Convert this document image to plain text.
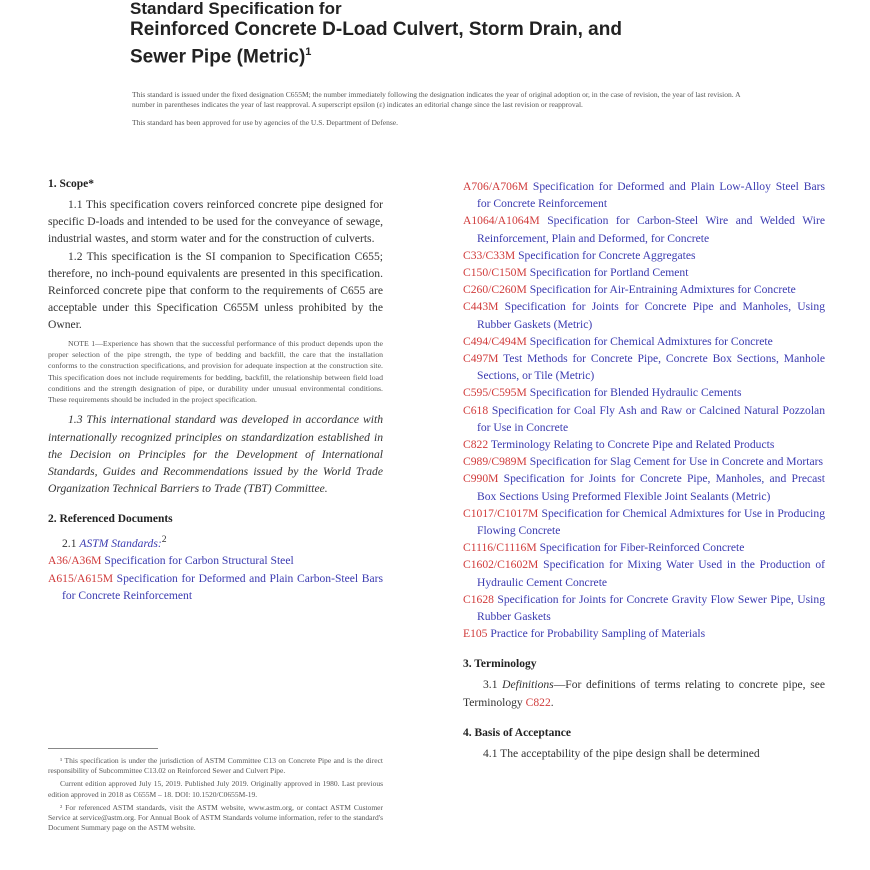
Standard Specification for
Reinforced Concrete D-Load Culvert, Storm Drain, and
Sewer Pipe (Metric)$^1$

This standard is issued under the fixed designation C655M; the number immediately following the designation indicates the year of original adoption or, in the case of revision, the year of last revision. A number in parentheses indicates the year of last reapproval. A superscript epsilon (ε) indicates an editorial change since the last revision or reapproval.

This standard has been approved for use by agencies of the U.S. Department of Defense.

1. Scope*

1.1 This specification covers reinforced concrete pipe designed for specific D-loads and intended to be used for the conveyance of sewage, industrial wastes, and storm water and for the construction of culverts.

1.2 This specification is the SI companion to Specification C655; therefore, no inch-pound equivalents are presented in this specification. Reinforced concrete pipe that conform to the requirements of C655 are acceptable under this Specification C655M unless prohibited by the Owner.

NOTE 1—Experience has shown that the successful performance of this product depends upon the proper selection of the pipe strength, the type of bedding and backfill, the care that the installation conforms to the construction specifications, and provision for adequate inspection at the construction site. This specification does not include requirements for bedding, backfill, the relationship between field load conditions and the strength designation of pipe, or durability under unusual environmental conditions. These requirements should be included in the project specification.

1.3 This international standard was developed in accordance with internationally recognized principles on standardization established in the Decision on Principles for the Development of International Standards, Guides and Recommendations issued by the World Trade Organization Technical Barriers to Trade (TBT) Committee.

2. Referenced Documents
2.1 ASTM Standards:$^2$
A36/A36M Specification for Carbon Structural Steel
A615/A615M Specification for Deformed and Plain Carbon-Steel Bars for Concrete Reinforcement
A706/A706M Specification for Deformed and Plain Low-Alloy Steel Bars for Concrete Reinforcement
A1064/A1064M Specification for Carbon-Steel Wire and Welded Wire Reinforcement, Plain and Deformed, for Concrete
C33/C33M Specification for Concrete Aggregates
C150/C150M Specification for Portland Cement
C260/C260M Specification for Air-Entraining Admixtures for Concrete
C443M Specification for Joints for Concrete Pipe and Manholes, Using Rubber Gaskets (Metric)
C494/C494M Specification for Chemical Admixtures for Concrete
C497M Test Methods for Concrete Pipe, Concrete Box Sections, Manhole Sections, or Tile (Metric)
C595/C595M Specification for Blended Hydraulic Cements
C618 Specification for Coal Fly Ash and Raw or Calcined Natural Pozzolan for Use in Concrete
C822 Terminology Relating to Concrete Pipe and Related Products
C989/C989M Specification for Slag Cement for Use in Concrete and Mortars
C990M Specification for Joints for Concrete Pipe, Manholes, and Precast Box Sections Using Preformed Flexible Joint Sealants (Metric)
C1017/C1017M Specification for Chemical Admixtures for Use in Producing Flowing Concrete
C1116/C1116M Specification for Fiber-Reinforced Concrete
C1602/C1602M Specification for Mixing Water Used in the Production of Hydraulic Cement Concrete
C1628 Specification for Joints for Concrete Gravity Flow Sewer Pipe, Using Rubber Gaskets
E105 Practice for Probability Sampling of Materials
3. Terminology

3.1 Definitions—For definitions of terms relating to concrete pipe, see Terminology C822.

4. Basis of Acceptance

4.1 The acceptability of the pipe design shall be determined

¹ This specification is under the jurisdiction of ASTM Committee C13 on Concrete Pipe and is the direct responsibility of Subcommittee C13.02 on Reinforced Sewer and Culvert Pipe.

Current edition approved July 15, 2019. Published July 2019. Originally approved in 1980. Last previous edition approved in 2018 as C655M – 18. DOI: 10.1520/C0655M-19.

² For referenced ASTM standards, visit the ASTM website, www.astm.org, or contact ASTM Customer Service at service@astm.org. For Annual Book of ASTM Standards volume information, refer to the standard's Document Summary page on the ASTM website.
